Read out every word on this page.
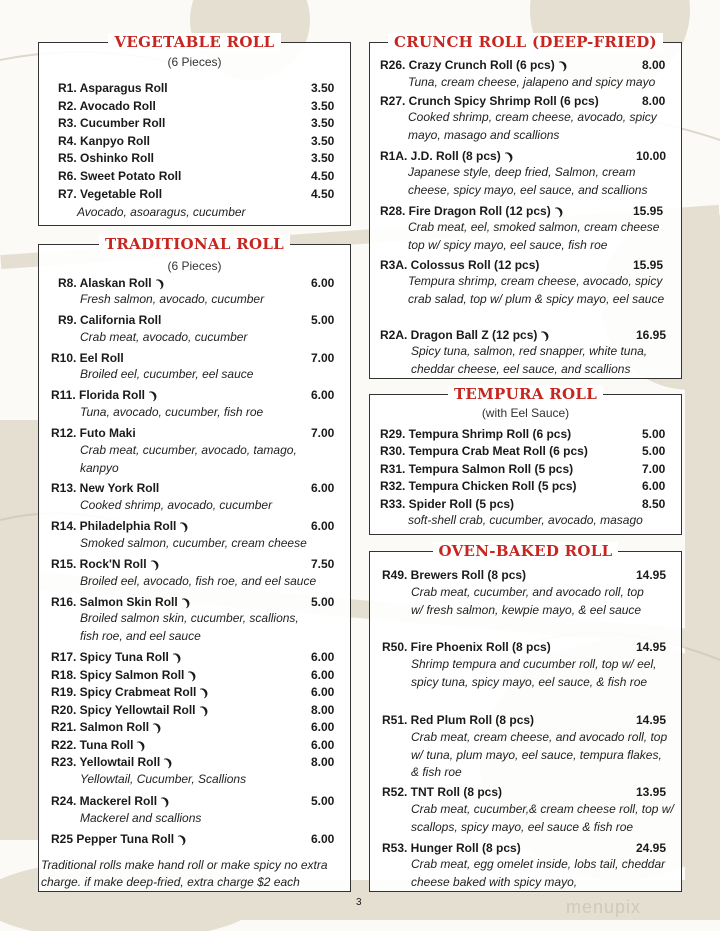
VEGETABLE ROLL
(6 Pieces)
R1. Asparagus Roll	3.50
R2. Avocado Roll	3.50
R3. Cucumber Roll	3.50
R4. Kanpyo Roll	3.50
R5. Oshinko Roll	3.50
R6. Sweet Potato Roll	4.50
R7. Vegetable Roll	4.50
Avocado, asoaragus, cucumber
TRADITIONAL ROLL
(6 Pieces)
R8. Alaskan Roll ❩	6.00
Fresh salmon, avocado, cucumber
R9. California Roll	5.00
Crab meat, avocado, cucumber
R10. Eel Roll	7.00
Broiled eel, cucumber, eel sauce
R11. Florida Roll ❩	6.00
Tuna, avocado, cucumber, fish roe
R12. Futo Maki	7.00
Crab meat, cucumber, avocado, tamago, kanpyo
R13. New York Roll	6.00
Cooked shrimp, avocado, cucumber
R14. Philadelphia Roll ❩	6.00
Smoked salmon, cucumber, cream cheese
R15. Rock'N Roll ❩	7.50
Broiled eel, avocado, fish roe, and eel sauce
R16. Salmon Skin Roll ❩	5.00
Broiled salmon skin, cucumber, scallions, fish roe, and eel sauce
R17. Spicy Tuna Roll ❩	6.00
R18. Spicy Salmon Roll ❩	6.00
R19. Spicy Crabmeat Roll ❩	6.00
R20. Spicy Yellowtail Roll ❩	8.00
R21. Salmon Roll ❩	6.00
R22. Tuna Roll ❩	6.00
R23. Yellowtail Roll ❩	8.00
Yellowtail, Cucumber, Scallions
R24. Mackerel Roll ❩	5.00
Mackerel and scallions
R25 Pepper Tuna Roll ❩	6.00
Traditional rolls make hand roll or make spicy no extra charge. if make deep-fried, extra charge $2 each
CRUNCH ROLL (DEEP-FRIED)
R26. Crazy Crunch Roll (6 pcs) ❩	8.00
Tuna, cream cheese, jalapeno and spicy mayo
R27. Crunch Spicy Shrimp Roll (6 pcs)	8.00
Cooked shrimp, cream cheese, avocado, spicy mayo, masago and scallions
R1A. J.D. Roll (8 pcs) ❩	10.00
Japanese style, deep fried, Salmon, cream cheese, spicy mayo, eel sauce, and scallions
R28. Fire Dragon Roll (12 pcs) ❩	15.95
Crab meat, eel, smoked salmon, cream cheese top w/ spicy mayo, eel sauce, fish roe
R3A. Colossus Roll (12 pcs)	15.95
Tempura shrimp, cream cheese, avocado, spicy crab salad, top w/ plum & spicy mayo, eel sauce
R2A. Dragon Ball Z (12 pcs) ❩	16.95
Spicy tuna, salmon, red snapper, white tuna, cheddar cheese, eel sauce, and scallions
TEMPURA ROLL
(with Eel Sauce)
R29. Tempura Shrimp Roll (6 pcs)	5.00
R30. Tempura Crab Meat Roll (6 pcs)	5.00
R31. Tempura Salmon Roll (5 pcs)	7.00
R32. Tempura Chicken Roll (5 pcs)	6.00
R33. Spider Roll (5 pcs)	8.50
soft-shell crab, cucumber, avocado, masago
OVEN-BAKED ROLL
R49. Brewers Roll (8 pcs)	14.95
Crab meat, cucumber, and avocado roll, top w/ fresh salmon, kewpie mayo, & eel sauce
R50. Fire Phoenix Roll (8 pcs)	14.95
Shrimp tempura and cucumber roll, top w/ eel, spicy tuna, spicy mayo, eel sauce, & fish roe
R51. Red Plum Roll (8 pcs)	14.95
Crab meat, cream cheese, and avocado roll, top w/ tuna, plum mayo, eel sauce, tempura flakes, & fish roe
R52. TNT Roll (8 pcs)	13.95
Crab meat, cucumber,& cream cheese roll, top w/ scallops, spicy mayo, eel sauce & fish roe
R53. Hunger Roll (8 pcs)	24.95
Crab meat, egg omelet inside, lobs tail, cheddar cheese baked with spicy mayo,
3	menupix
